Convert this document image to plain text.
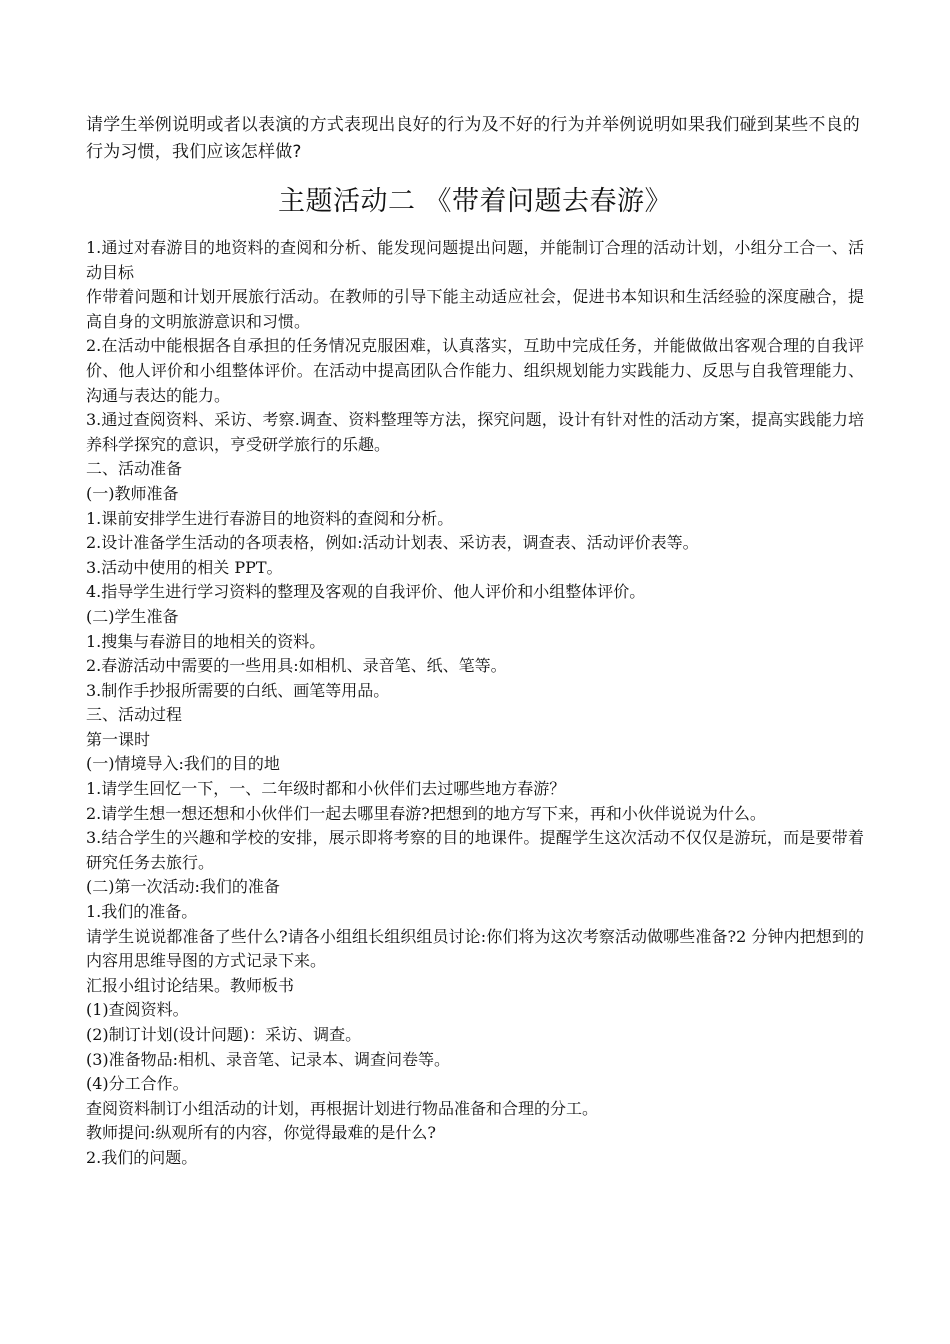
请学生举例说明或者以表演的方式表现出良好的行为及不好的行为并举例说明如果我们碰到某些不良的行为习惯，我们应该怎样做?

主题活动二 《带着问题去春游》

1.通过对春游目的地资料的查阅和分析、能发现问题提出问题，并能制订合理的活动计划，小组分工合一、活动目标

作带着问题和计划开展旅行活动。在教师的引导下能主动适应社会，促进书本知识和生活经验的深度融合，提高自身的文明旅游意识和习惯。

2.在活动中能根据各自承担的任务情况克服困难，认真落实，互助中完成任务，并能做做出客观合理的自我评价、他人评价和小组整体评价。在活动中提高团队合作能力、组织规划能力实践能力、反思与自我管理能力、沟通与表达的能力。

3.通过查阅资料、采访、考察.调查、资料整理等方法，探究问题，设计有针对性的活动方案，提高实践能力培养科学探究的意识，亨受研学旅行的乐趣。

二、活动准备

(一)教师准备

1.课前安排学生进行春游目的地资料的查阅和分析。

2.设计准备学生活动的各项表格，例如:活动计划表、采访表，调查表、活动评价表等。

3.活动中使用的相关 PPT。

4.指导学生进行学习资料的整理及客观的自我评价、他人评价和小组整体评价。

(二)学生准备

1.搜集与春游目的地相关的资料。

2.春游活动中需要的一些用具:如相机、录音笔、纸、笔等。

3.制作手抄报所需要的白纸、画笔等用品。

三、活动过程

第一课时

(一)情境导入:我们的目的地

1.请学生回忆一下，一、二年级时都和小伙伴们去过哪些地方春游？

2.请学生想一想还想和小伙伴们一起去哪里春游?把想到的地方写下来，再和小伙伴说说为什么。

3.结合学生的兴趣和学校的安排，展示即将考察的目的地课件。提醒学生这次活动不仅仅是游玩，而是要带着研究任务去旅行。

(二)第一次活动:我们的准备

1.我们的准备。

请学生说说都准备了些什么?请各小组组长组织组员讨论:你们将为这次考察活动做哪些准备?2 分钟内把想到的内容用思维导图的方式记录下来。

汇报小组讨论结果。教师板书

(1)查阅资料。

(2)制订计划(设计问题)：采访、调查。

(3)准备物品:相机、录音笔、记录本、调查问卷等。

(4)分工合作。

查阅资料制订小组活动的计划，再根据计划进行物品准备和合理的分工。

教师提问:纵观所有的内容，你觉得最难的是什么?

2.我们的问题。
